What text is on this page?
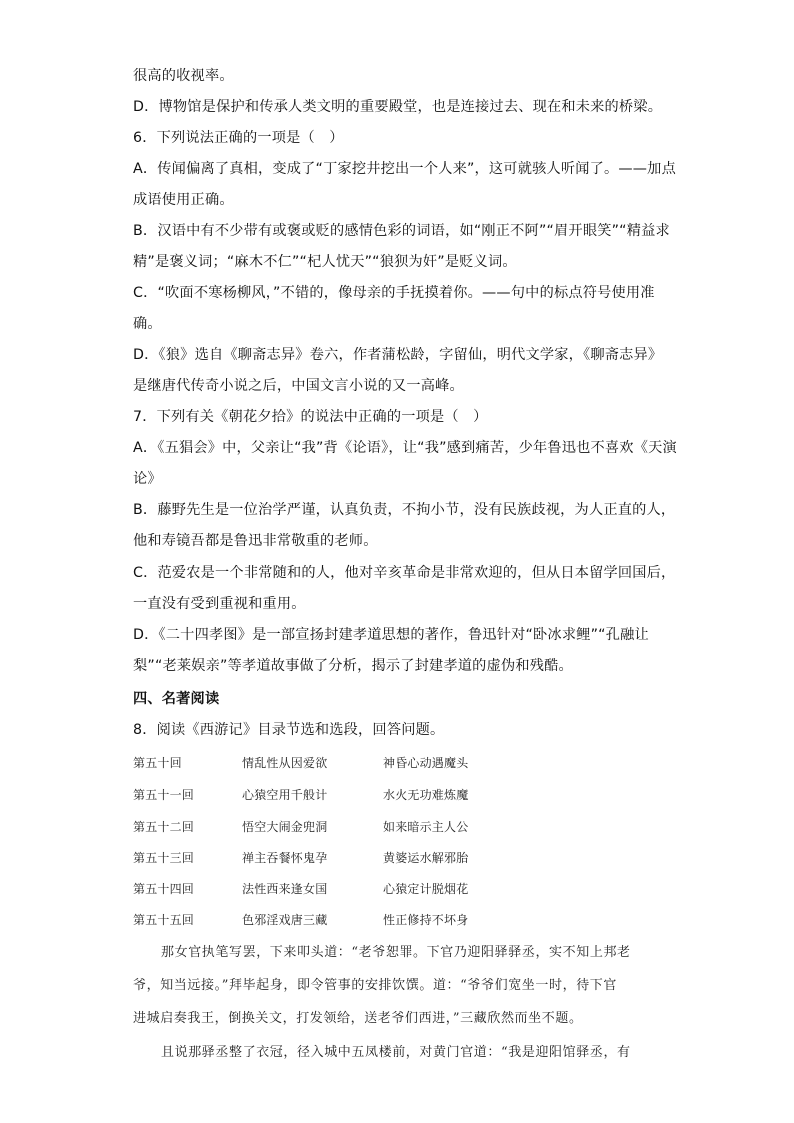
很高的收视率。
D．博物馆是保护和传承人类文明的重要殿堂，也是连接过去、现在和未来的桥梁。
6．下列说法正确的一项是（　）
A．传闻偏离了真相，变成了“丁家挖井挖出一个人来”，这可就骇人听闻了。——加点
成语使用正确。
B．汉语中有不少带有或褒或贬的感情色彩的词语，如“刚正不阿”“眉开眼笑”“精益求
精”是褒义词；“麻木不仁”“杞人忧天”“狼狈为奸”是贬义词。
C．“吹面不寒杨柳风，”不错的，像母亲的手抚摸着你。——句中的标点符号使用准
确。
D．《狼》选自《聊斋志异》卷六，作者蒲松龄，字留仙，明代文学家，《聊斋志异》
是继唐代传奇小说之后，中国文言小说的又一高峰。
7．下列有关《朝花夕拾》的说法中正确的一项是（　）
A．《五猖会》中，父亲让“我”背《论语》，让“我”感到痛苦，少年鲁迅也不喜欢《天演
论》
B．藤野先生是一位治学严谨，认真负责，不拘小节，没有民族歧视，为人正直的人，
他和寿镜吾都是鲁迅非常敬重的老师。
C．范爱农是一个非常随和的人，他对辛亥革命是非常欢迎的，但从日本留学回国后，
一直没有受到重视和重用。
D．《二十四孝图》是一部宣扬封建孝道思想的著作，鲁迅针对“卧冰求鲤”“孔融让
梨”“老莱娱亲”等孝道故事做了分析，揭示了封建孝道的虚伪和残酷。
四、名著阅读
8．阅读《西游记》目录节选和选段，回答问题。
第五十回	情乱性从因爱欲	神昏心动遇魔头
第五十一回	心猿空用千般计	水火无功难炼魔
第五十二回	悟空大闹金兜洞	如来暗示主人公
第五十三回	禅主吞餐怀鬼孕	黄婆运水解邪胎
第五十四回	法性西来逢女国	心猿定计脱烟花
第五十五回	色邪淫戏唐三藏	性正修持不坏身
那女官执笔写罢，下来叩头道：“老爷恕罪。下官乃迎阳驿驿丞，实不知上邦老
爷，知当远接。”拜毕起身，即令管事的安排饮馔。道：“爷爷们宽坐一时，待下官
进城启奏我王，倒换关文，打发领给，送老爷们西进，”三藏欣然而坐不题。
且说那驿丞整了衣冠，径入城中五凤楼前，对黄门官道：“我是迎阳馆驿丞，有
